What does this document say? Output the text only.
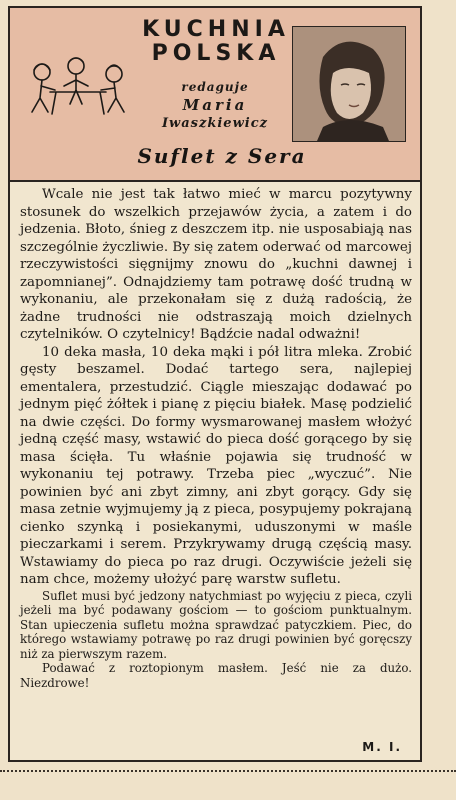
KUCHNIA
POLSKA
redaguje
Maria
Iwaszkiewicz
Suflet z Sera

Wcale nie jest tak łatwo mieć w marcu pozytywny stosunek do wszelkich przejawów życia, a zatem i do jedzenia. Błoto, śnieg z deszczem itp. nie usposabiają nas szczególnie życzliwie. By się zatem oderwać od marcowej rzeczywistości sięgnijmy znowu do „kuchni dawnej i zapomnianej”. Odnajdziemy tam potrawę dość trudną w wykonaniu, ale przekonałam się z dużą radością, że żadne trudności nie odstraszają moich dzielnych czytelników. O czytelnicy! Bądźcie nadal odważni!

10 deka masła, 10 deka mąki i pół litra mleka. Zrobić gęsty beszamel. Dodać tartego sera, najlepiej ementalera, przestudzić. Ciągle mieszając dodawać po jednym pięć żółtek i pianę z pięciu białek. Masę podzielić na dwie części. Do formy wysmarowanej masłem włożyć jedną część masy, wstawić do pieca dość gorącego by się masa ścięła. Tu właśnie pojawia się trudność w wykonaniu tej potrawy. Trzeba piec „wyczuć”. Nie powinien być ani zbyt zimny, ani zbyt gorący. Gdy się masa zetnie wyjmujemy ją z pieca, posypujemy pokrajaną cienko szynką i posiekanymi, uduszonymi w maśle pieczarkami i serem. Przykrywamy drugą częścią masy. Wstawiamy do pieca po raz drugi. Oczywiście jeżeli się nam chce, możemy ułożyć parę warstw sufletu.

Suflet musi być jedzony natychmiast po wyjęciu z pieca, czyli jeżeli ma być podawany gościom — to gościom punktualnym. Stan upieczenia sufletu można sprawdzać patyczkiem. Piec, do którego wstawiamy potrawę po raz drugi powinien być goręcszy niż za pierwszym razem.

Podawać z roztopionym masłem. Jeść nie za dużo. Niezdrowe!

M. I.
